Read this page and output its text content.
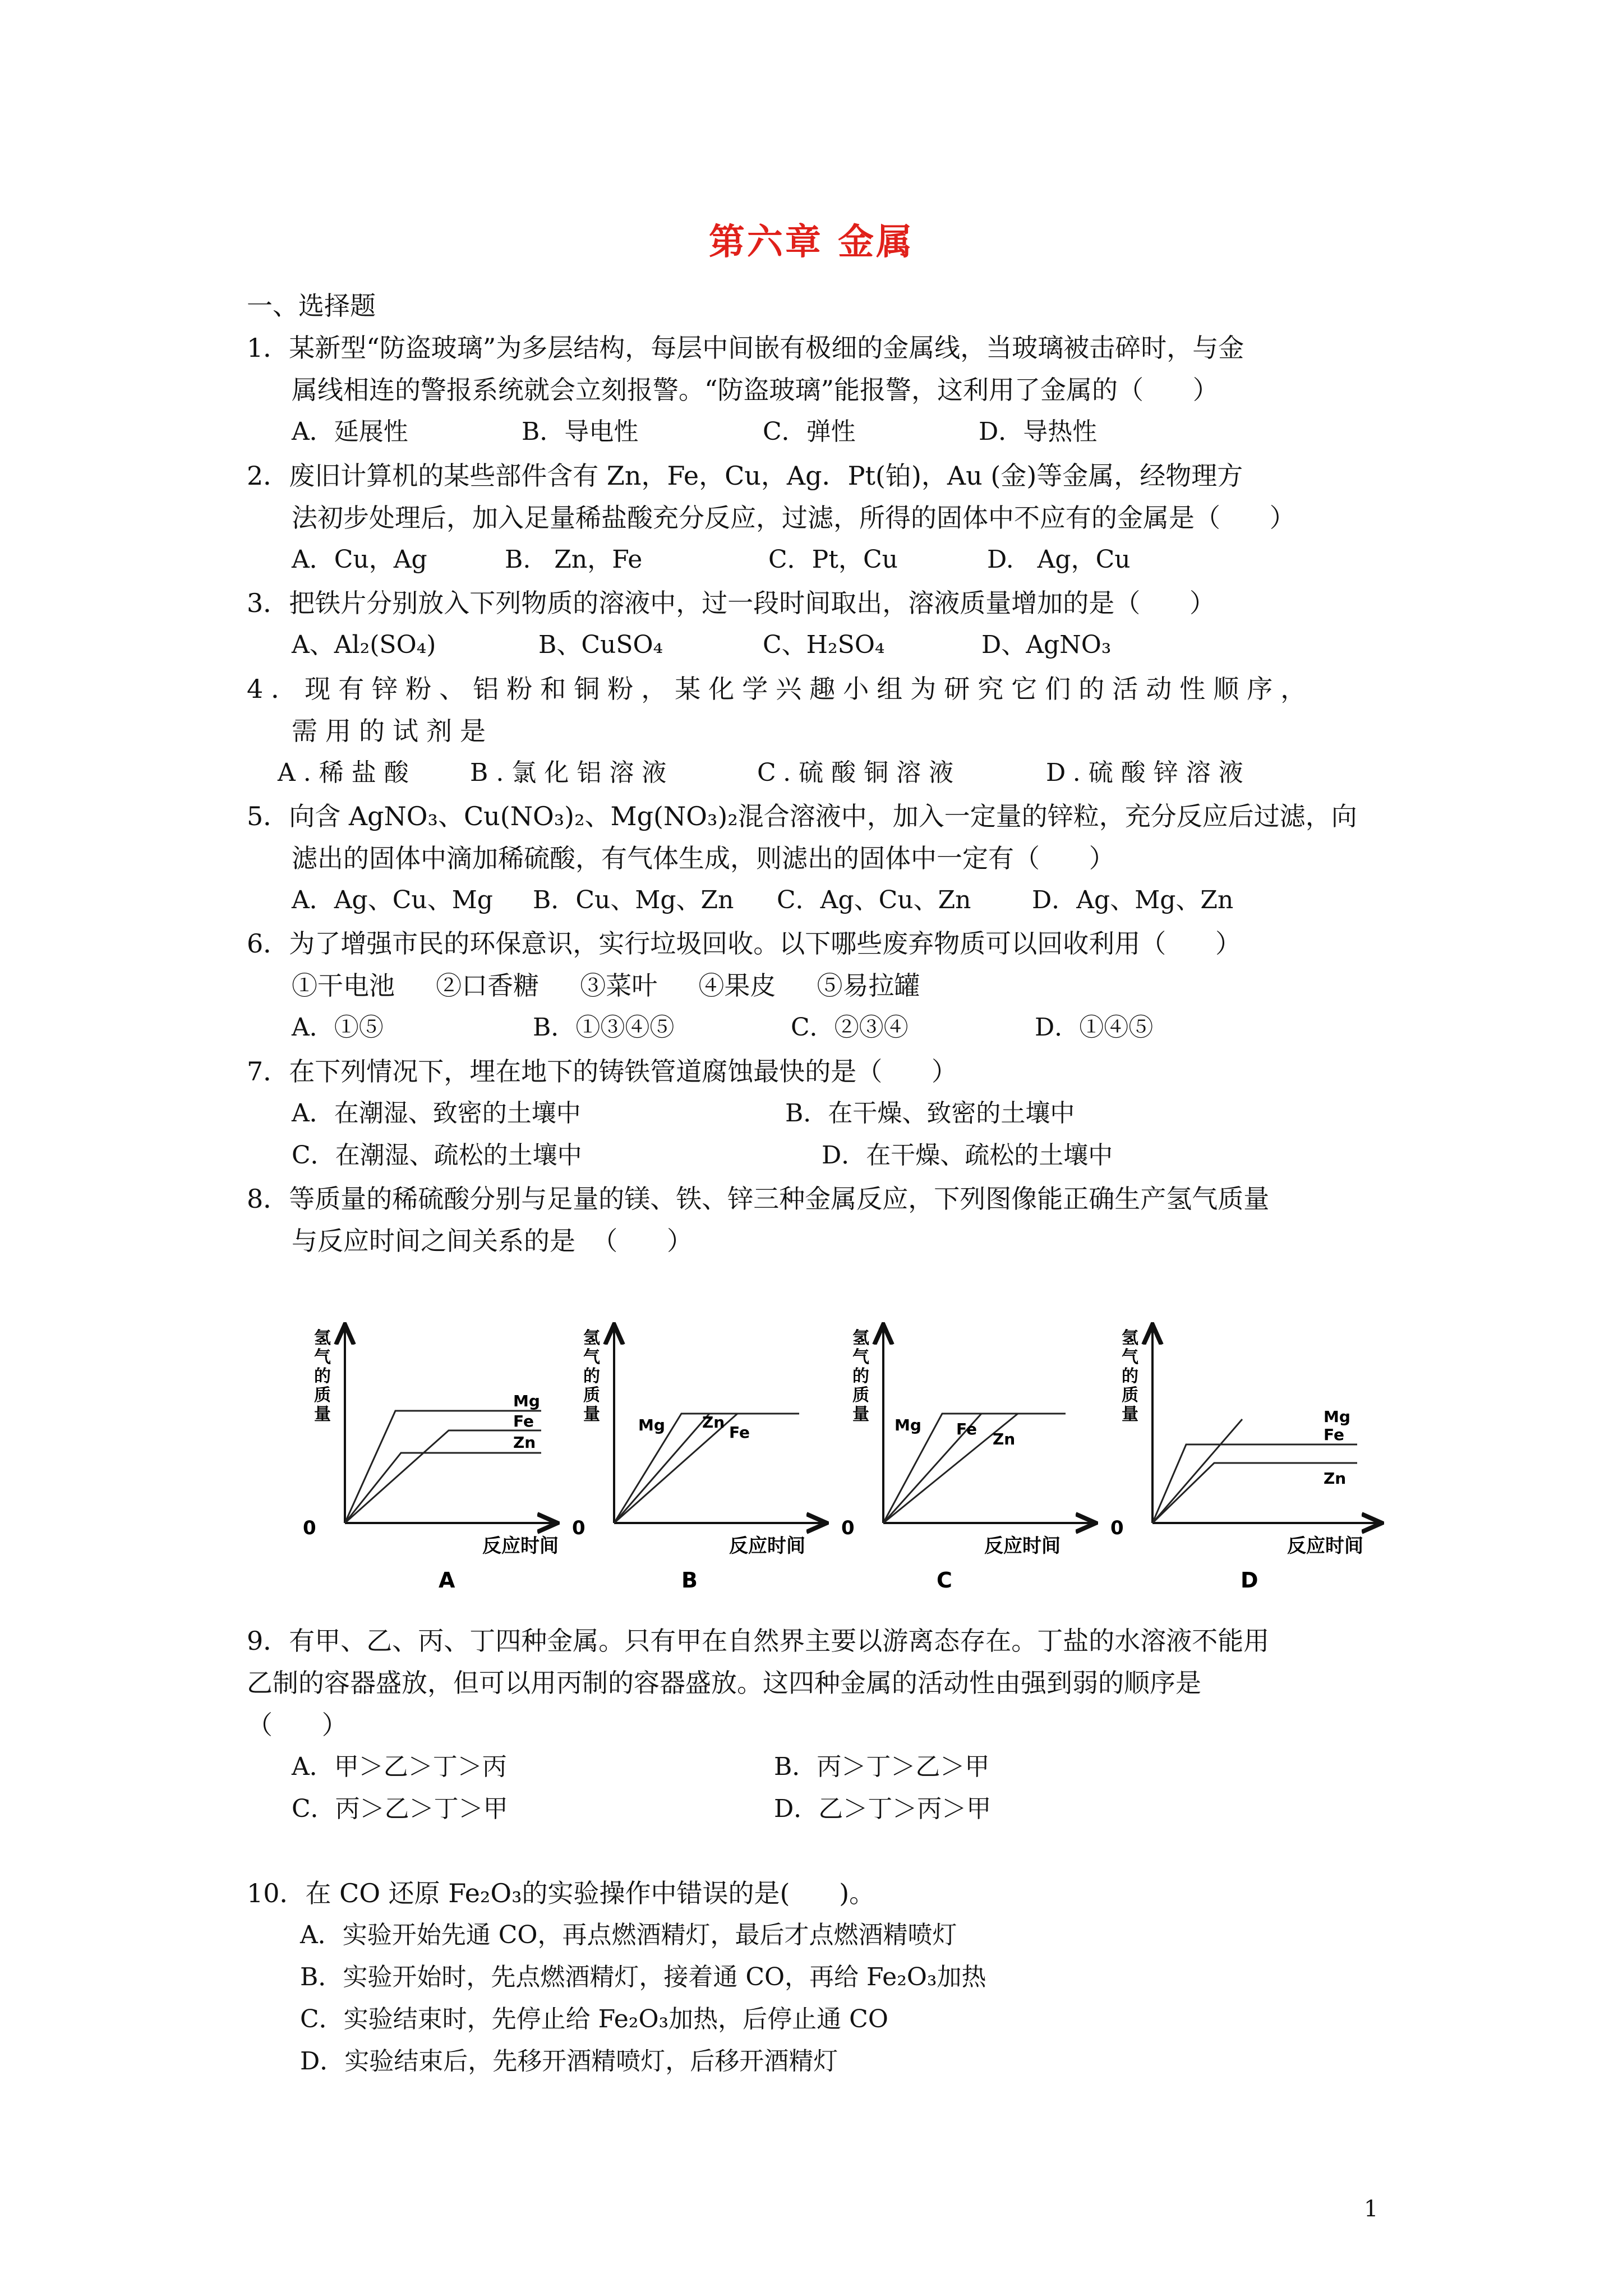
第六章 金属
一、选择题
1．某新型“防盗玻璃”为多层结构，每层中间嵌有极细的金属线，当玻璃被击碎时，与金
属线相连的警报系统就会立刻报警。“防盗玻璃”能报警，这利用了金属的（      ）
A．延展性	B．导电性	C．弹性	D．导热性
2．废旧计算机的某些部件含有 Zn，Fe，Cu，Ag．Pt(铂)，Au (金)等金属，经物理方
法初步处理后，加入足量稀盐酸充分反应，过滤，所得的固体中不应有的金属是（      ）
A．Cu，Ag	B.   Zn，Fe	C．Pt，Cu	D.   Ag，Cu
3．把铁片分别放入下列物质的溶液中，过一段时间取出，溶液质量增加的是（      ）
A、Al₂(SO₄)	B、CuSO₄	C、H₂SO₄	D、AgNO₃
4．现有锌粉、铝粉和铜粉，某化学兴趣小组为研究它们的活动性顺序，
需用的试剂是
A.稀盐酸 B.氯化铝溶液	C.硫酸铜溶液	D.硫酸锌溶液
5．向含 AgNO₃、Cu(NO₃)₂、Mg(NO₃)₂混合溶液中，加入一定量的锌粒，充分反应后过滤，向
滤出的固体中滴加稀硫酸，有气体生成，则滤出的固体中一定有（      ）
A．Ag、Cu、Mg B．Cu、Mg、Zn C．Ag、Cu、Zn D．Ag、Mg、Zn
6．为了增强市民的环保意识，实行垃圾回收。以下哪些废弃物质可以回收利用（      ）
①干电池     ②口香糖     ③菜叶     ④果皮     ⑤易拉罐
A．①⑤	B．①③④⑤	C．②③④	D．①④⑤
7．在下列情况下，埋在地下的铸铁管道腐蚀最快的是（      ）
A．在潮湿、致密的土壤中	B．在干燥、致密的土壤中
C．在潮湿、疏松的土壤中	D．在干燥、疏松的土壤中
8．等质量的稀硫酸分别与足量的镁、铁、锌三种金属反应，下列图像能正确生产氢气质量
与反应时间之间关系的是  （      ）
0
反应时间
A
Mg
Fe
Zn
氢
气
的
质
量
0
反应时间
B
Mg Zn
Fe
氢
气
的
质
量
0
反应时间
C
Mg Fe
Zn
氢
气
的
质
量
0
反应时间
D
Mg
Fe
Zn
氢
气
的
质
量
9．有甲、乙、丙、丁四种金属。只有甲在自然界主要以游离态存在。丁盐的水溶液不能用
乙制的容器盛放，但可以用丙制的容器盛放。这四种金属的活动性由强到弱的顺序是
（      ）
A．甲＞乙＞丁＞丙	B．丙＞丁＞乙＞甲
C．丙＞乙＞丁＞甲	D．乙＞丁＞丙＞甲
10．在 CO 还原 Fe₂O₃的实验操作中错误的是(      )。
A．实验开始先通 CO，再点燃酒精灯，最后才点燃酒精喷灯
B．实验开始时，先点燃酒精灯，接着通 CO，再给 Fe₂O₃加热
C．实验结束时，先停止给 Fe₂O₃加热，后停止通 CO
D．实验结束后，先移开酒精喷灯，后移开酒精灯
1
